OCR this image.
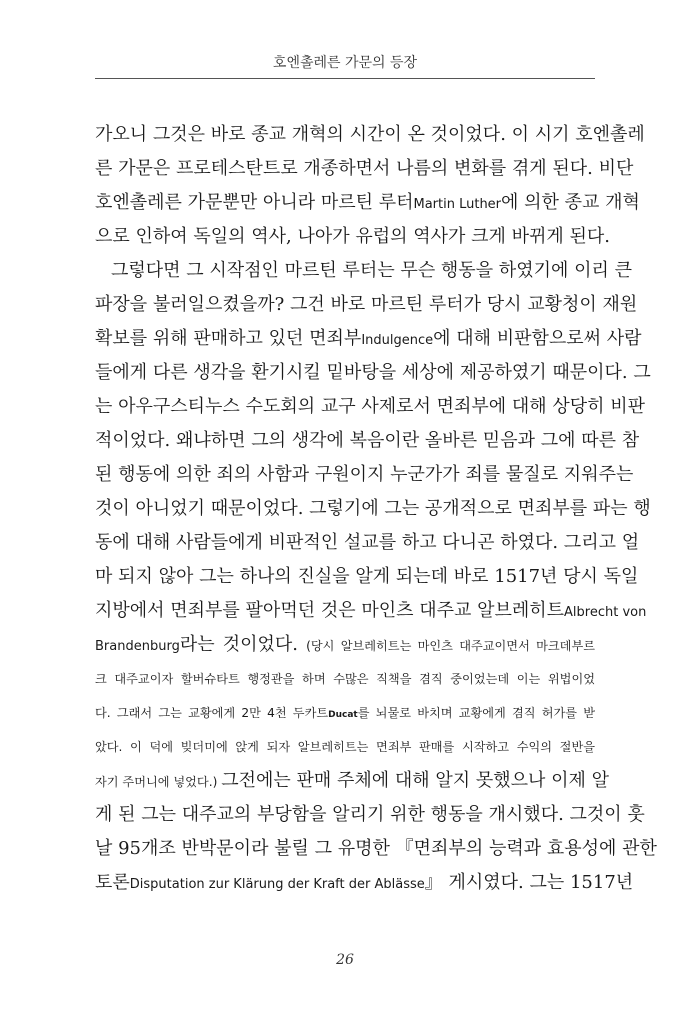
호엔촐레른 가문의 등장
가오니 그것은 바로 종교 개혁의 시간이 온 것이었다. 이 시기 호엔촐레
른 가문은 프로테스탄트로 개종하면서 나름의 변화를 겪게 된다. 비단
호엔촐레른 가문뿐만 아니라 마르틴 루터Martin Luther에 의한 종교 개혁
으로 인하여 독일의 역사, 나아가 유럽의 역사가 크게 바뀌게 된다.
그렇다면 그 시작점인 마르틴 루터는 무슨 행동을 하였기에 이리 큰
파장을 불러일으켰을까? 그건 바로 마르틴 루터가 당시 교황청이 재원
확보를 위해 판매하고 있던 면죄부Indulgence에 대해 비판함으로써 사람
들에게 다른 생각을 환기시킬 밑바탕을 세상에 제공하였기 때문이다. 그
는 아우구스티누스 수도회의 교구 사제로서 면죄부에 대해 상당히 비판
적이었다. 왜냐하면 그의 생각에 복음이란 올바른 믿음과 그에 따른 참
된 행동에 의한 죄의 사함과 구원이지 누군가가 죄를 물질로 지워주는
것이 아니었기 때문이었다. 그렇기에 그는 공개적으로 면죄부를 파는 행
동에 대해 사람들에게 비판적인 설교를 하고 다니곤 하였다. 그리고 얼
마 되지 않아 그는 하나의 진실을 알게 되는데 바로 1517년 당시 독일
지방에서 면죄부를 팔아먹던 것은 마인츠 대주교 알브레히트Albrecht von
Brandenburg라는 것이었다. (당시 알브레히트는 마인츠 대주교이면서 마크데부르
크 대주교이자 할버슈타트 행정관을 하며 수많은 직책을 겸직 중이었는데 이는 위법이었
다. 그래서 그는 교황에게 2만 4천 두카트Ducat를 뇌물로 바치며 교황에게 겸직 허가를 받
았다. 이 덕에 빚더미에 앉게 되자 알브레히트는 면죄부 판매를 시작하고 수익의 절반을
자기 주머니에 넣었다.) 그전에는 판매 주체에 대해 알지 못했으나 이제 알
게 된 그는 대주교의 부당함을 알리기 위한 행동을 개시했다. 그것이 훗
날 95개조 반박문이라 불릴 그 유명한 『면죄부의 능력과 효용성에 관한
토론Disputation zur Klärung der Kraft der Ablässe』 게시였다. 그는 1517년
26
